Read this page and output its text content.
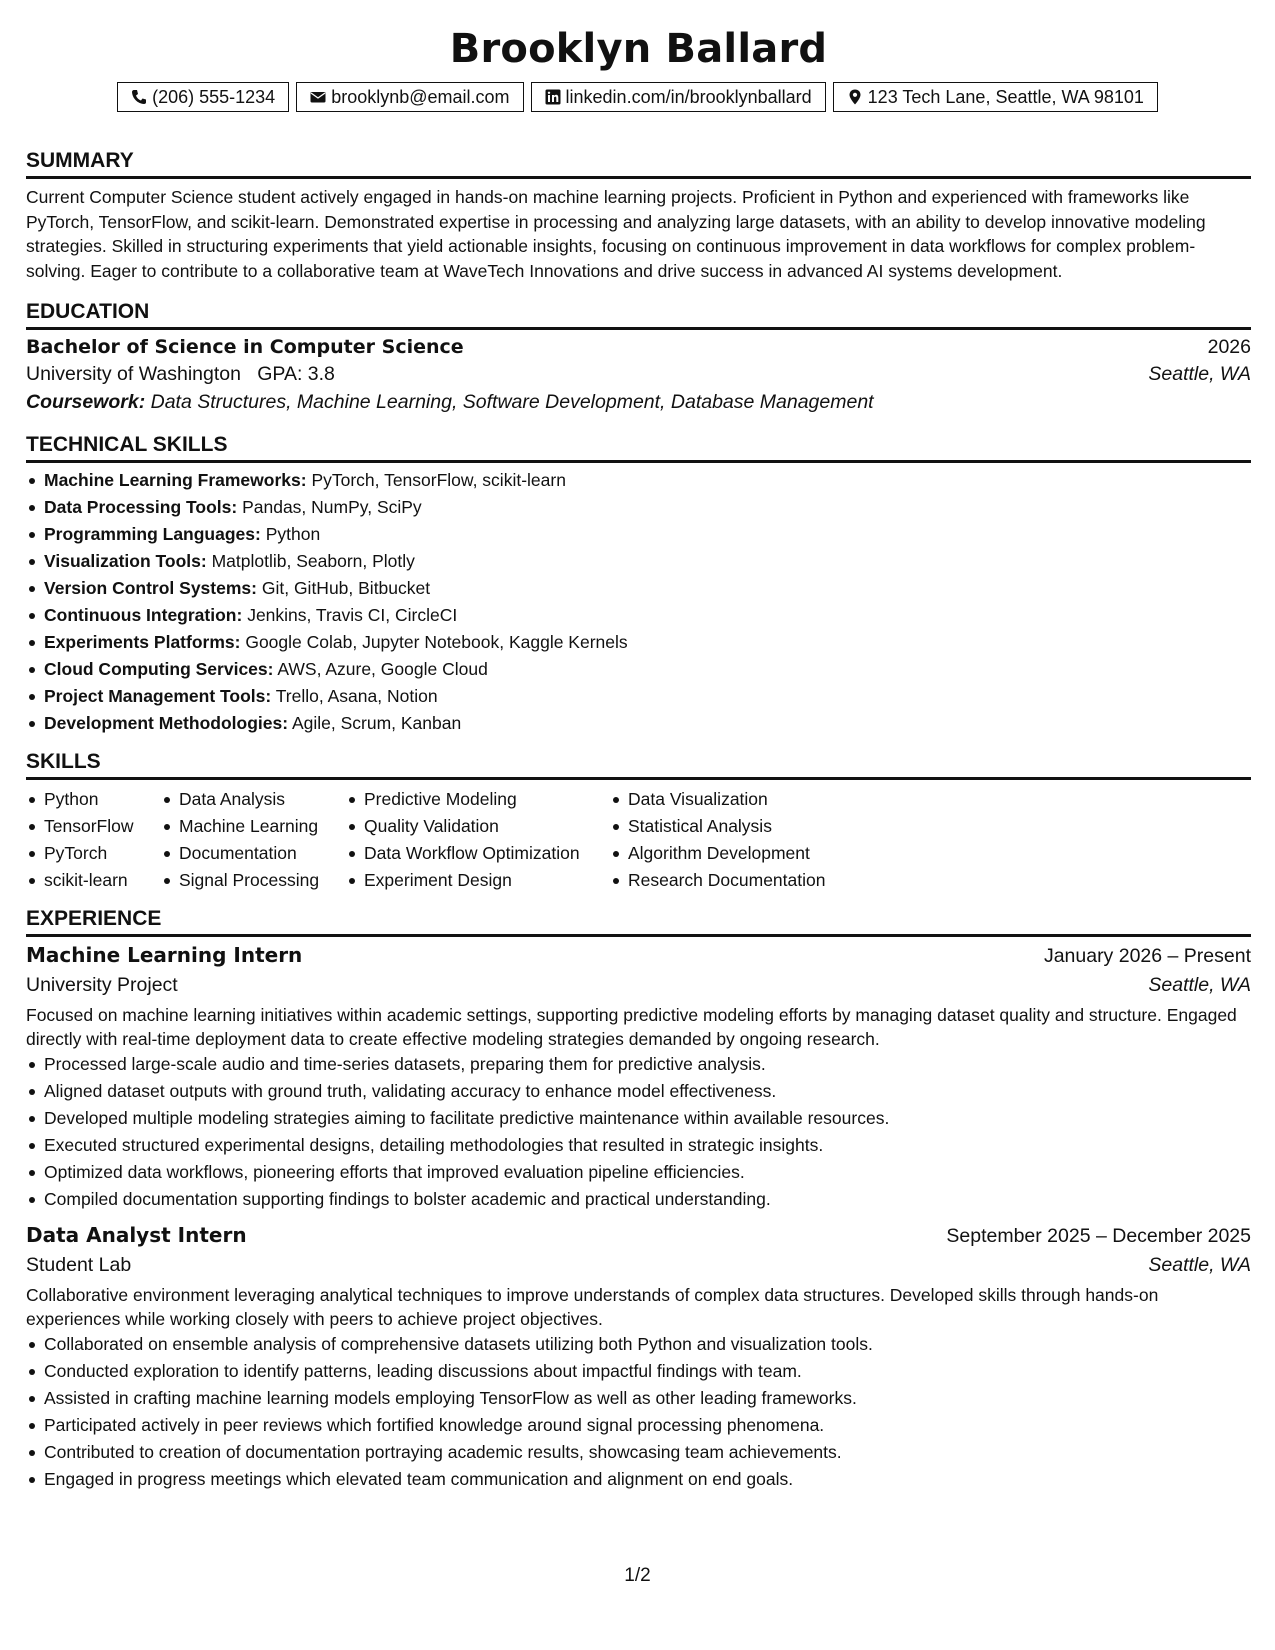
Brooklyn Ballard
(206) 555-1234	brooklynb@email.com	linkedin.com/in/brooklynballard	123 Tech Lane, Seattle, WA 98101
SUMMARY
Current Computer Science student actively engaged in hands-on machine learning projects. Proficient in Python and experienced with frameworks like PyTorch, TensorFlow, and scikit-learn. Demonstrated expertise in processing and analyzing large datasets, with an ability to develop innovative modeling strategies. Skilled in structuring experiments that yield actionable insights, focusing on continuous improvement in data workflows for complex problem-solving. Eager to contribute to a collaborative team at WaveTech Innovations and drive success in advanced AI systems development.
EDUCATION
Bachelor of Science in Computer Science	2026
University of Washington GPA: 3.8	Seattle, WA
Coursework: Data Structures, Machine Learning, Software Development, Database Management
TECHNICAL SKILLS
Machine Learning Frameworks: PyTorch, TensorFlow, scikit-learn
Data Processing Tools: Pandas, NumPy, SciPy
Programming Languages: Python
Visualization Tools: Matplotlib, Seaborn, Plotly
Version Control Systems: Git, GitHub, Bitbucket
Continuous Integration: Jenkins, Travis CI, CircleCI
Experiments Platforms: Google Colab, Jupyter Notebook, Kaggle Kernels
Cloud Computing Services: AWS, Azure, Google Cloud
Project Management Tools: Trello, Asana, Notion
Development Methodologies: Agile, Scrum, Kanban
SKILLS
Python
TensorFlow
PyTorch
scikit-learn
Data Analysis
Machine Learning
Documentation
Signal Processing
Predictive Modeling
Quality Validation
Data Workflow Optimization
Experiment Design
Data Visualization
Statistical Analysis
Algorithm Development
Research Documentation
EXPERIENCE
Machine Learning Intern	January 2026 – Present
University Project	Seattle, WA
Focused on machine learning initiatives within academic settings, supporting predictive modeling efforts by managing dataset quality and structure. Engaged directly with real-time deployment data to create effective modeling strategies demanded by ongoing research.
Processed large-scale audio and time-series datasets, preparing them for predictive analysis.
Aligned dataset outputs with ground truth, validating accuracy to enhance model effectiveness.
Developed multiple modeling strategies aiming to facilitate predictive maintenance within available resources.
Executed structured experimental designs, detailing methodologies that resulted in strategic insights.
Optimized data workflows, pioneering efforts that improved evaluation pipeline efficiencies.
Compiled documentation supporting findings to bolster academic and practical understanding.
Data Analyst Intern	September 2025 – December 2025
Student Lab	Seattle, WA
Collaborative environment leveraging analytical techniques to improve understands of complex data structures. Developed skills through hands-on experiences while working closely with peers to achieve project objectives.
Collaborated on ensemble analysis of comprehensive datasets utilizing both Python and visualization tools.
Conducted exploration to identify patterns, leading discussions about impactful findings with team.
Assisted in crafting machine learning models employing TensorFlow as well as other leading frameworks.
Participated actively in peer reviews which fortified knowledge around signal processing phenomena.
Contributed to creation of documentation portraying academic results, showcasing team achievements.
Engaged in progress meetings which elevated team communication and alignment on end goals.
1/2
